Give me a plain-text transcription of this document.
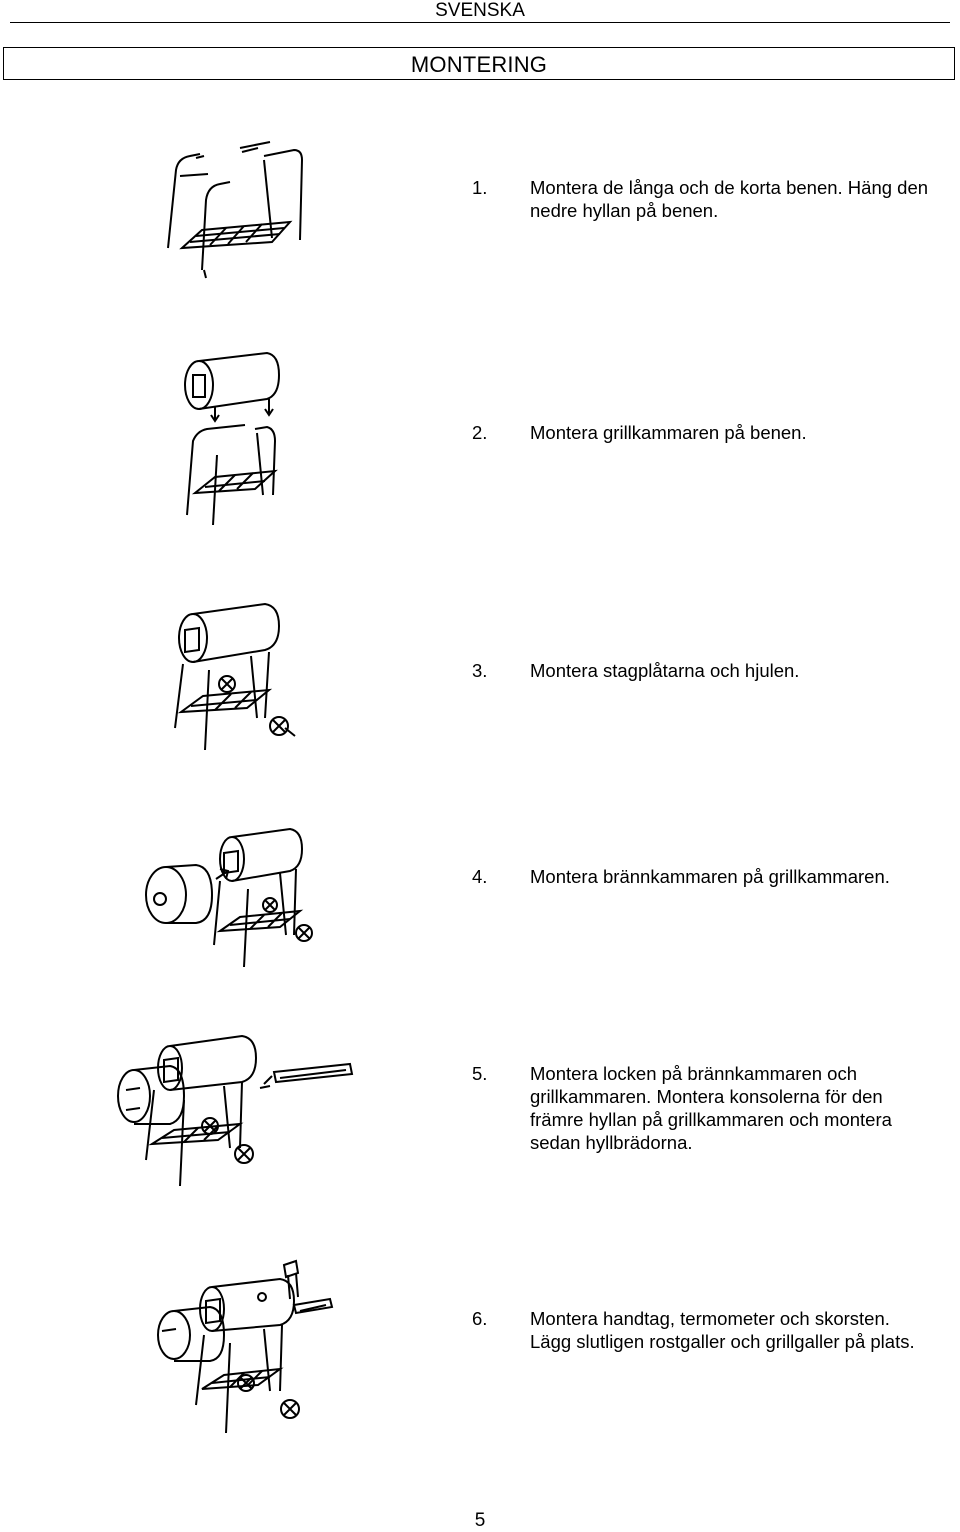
SVENSKA
MONTERING
1. Montera de långa och de korta benen. Häng den nedre hyllan på benen.
2. Montera grillkammaren på benen.
3. Montera stagplåtarna och hjulen.
4. Montera brännkammaren på grillkammaren.
5. Montera locken på brännkammaren och grillkammaren. Montera konsolerna för den främre hyllan på grillkammaren och montera sedan hyllbrädorna.
6. Montera handtag, termometer och skorsten. Lägg slutligen rostgaller och grillgaller på plats.
5
